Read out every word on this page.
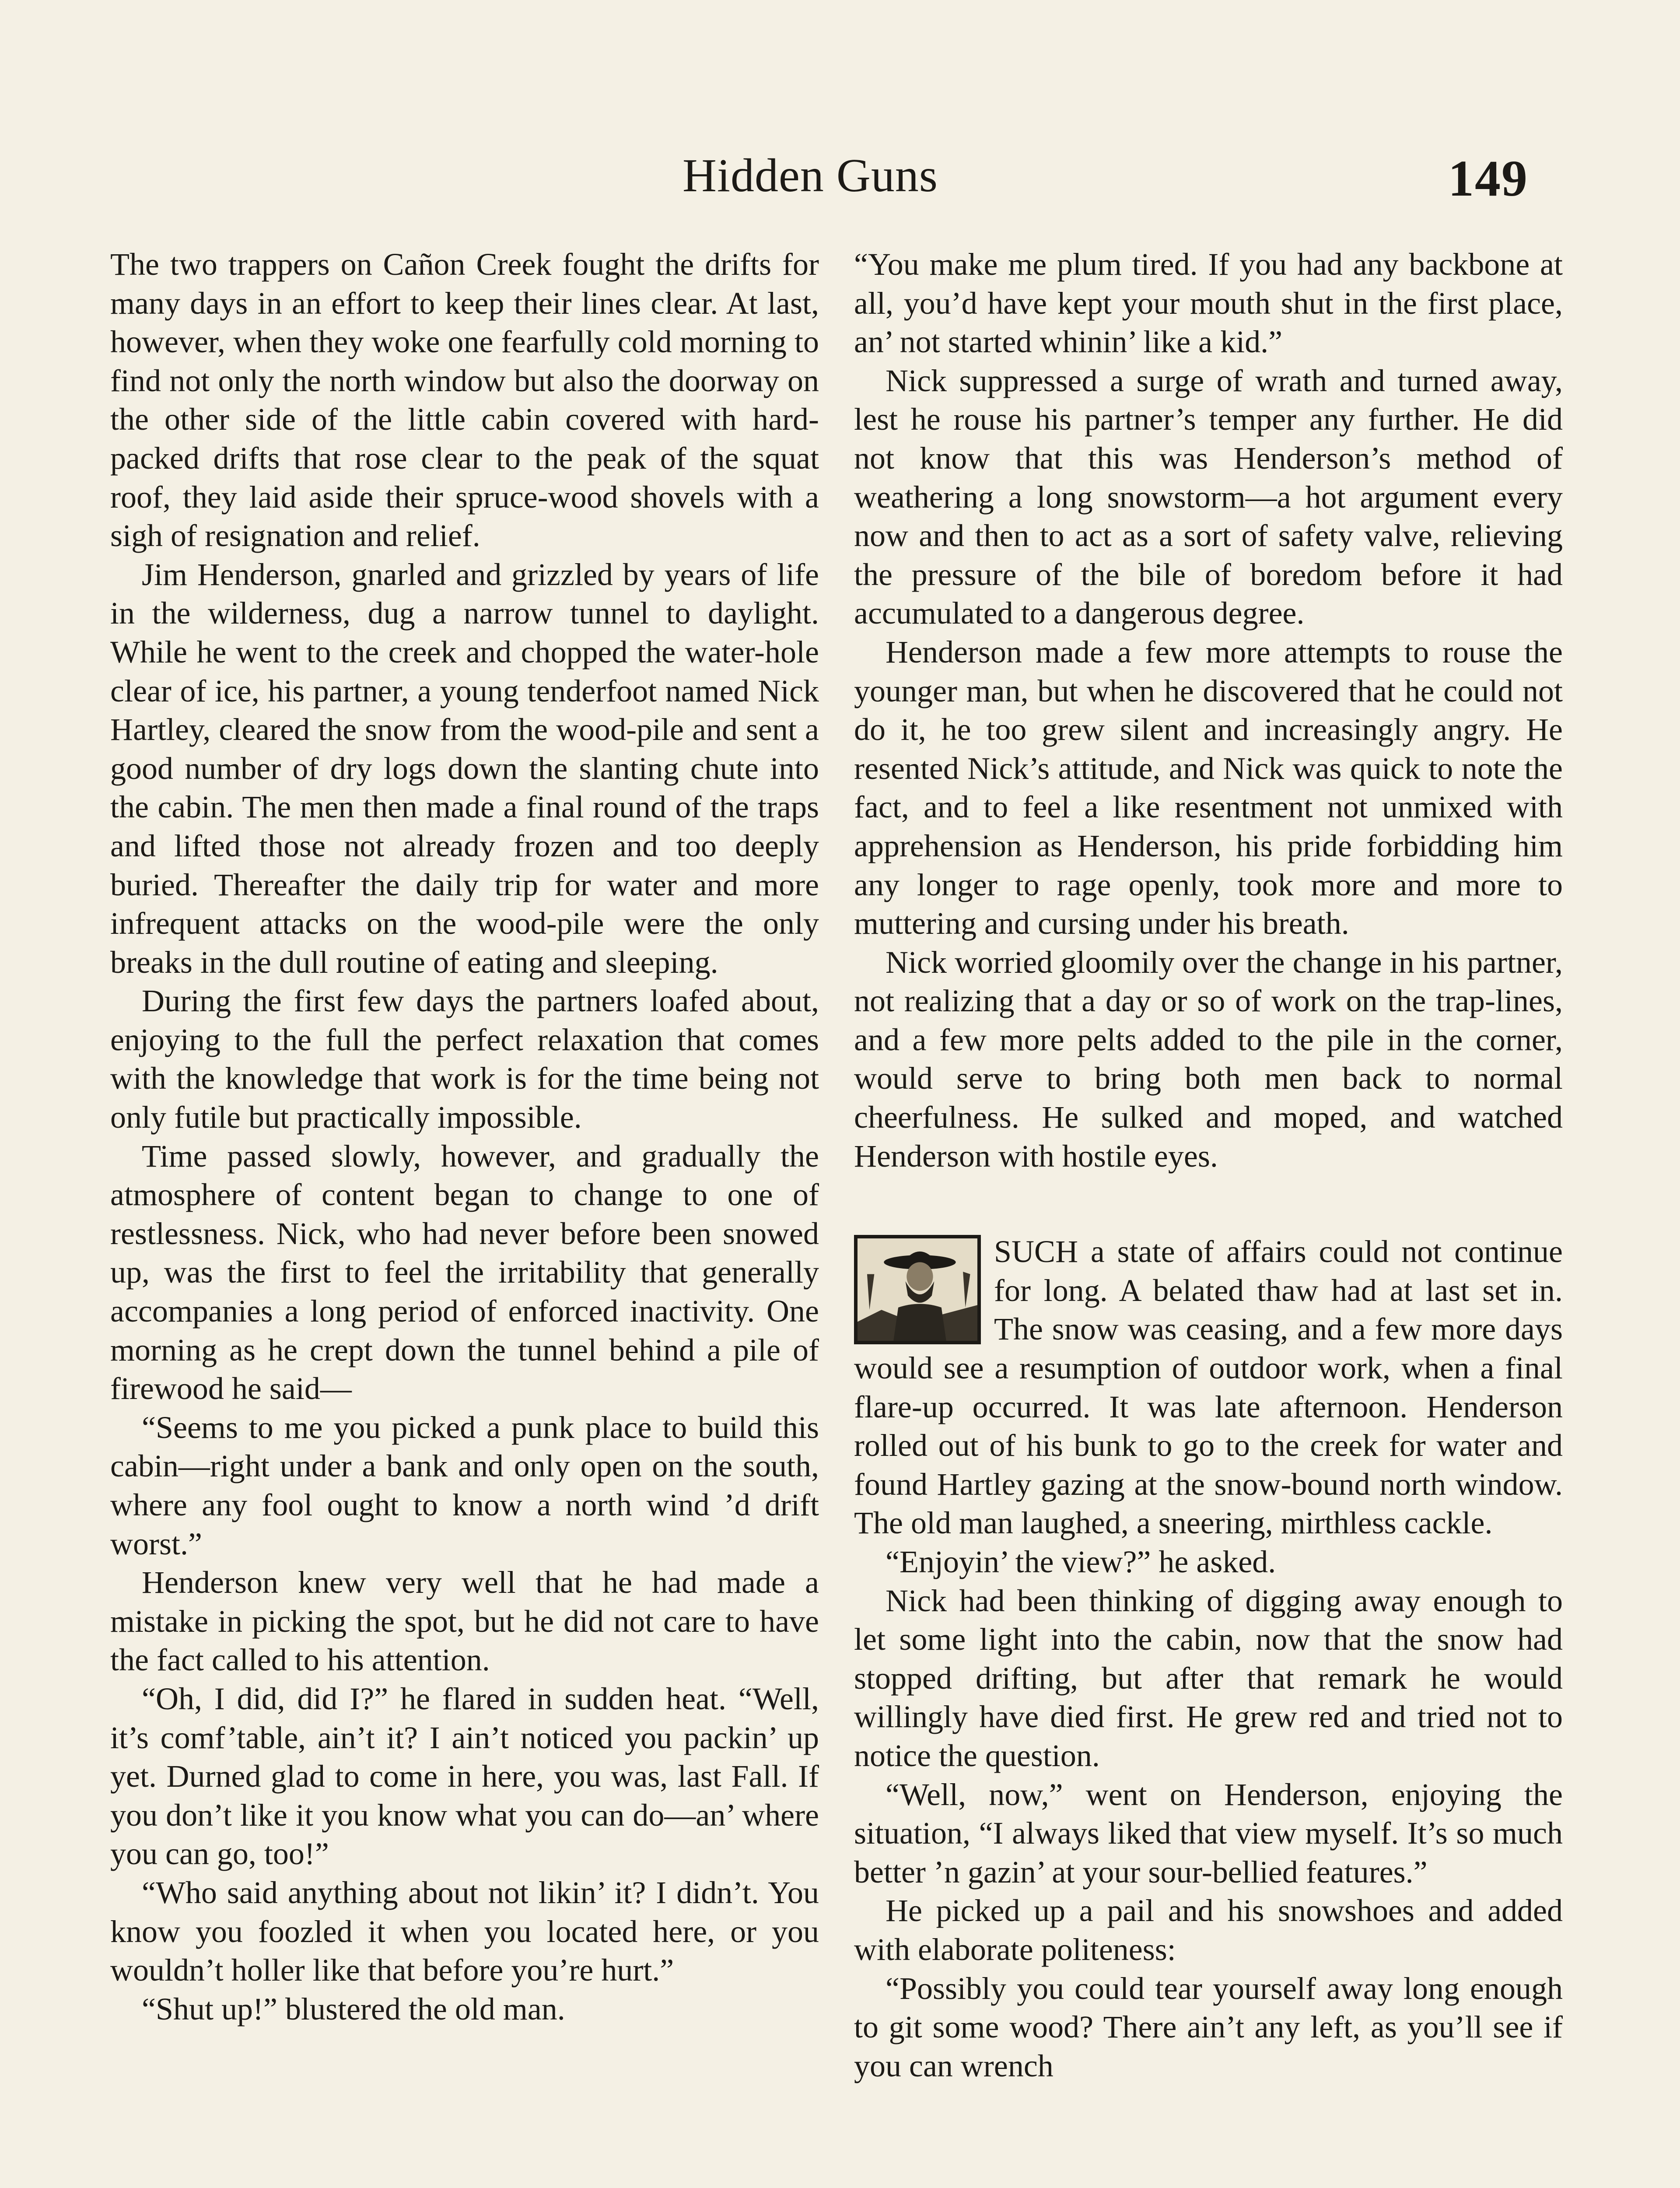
Hidden Guns	149

The two trappers on Cañon Creek fought the drifts for many days in an effort to keep their lines clear. At last, however, when they woke one fearfully cold morning to find not only the north window but also the doorway on the other side of the little cabin covered with hard-packed drifts that rose clear to the peak of the squat roof, they laid aside their spruce-wood shovels with a sigh of resignation and relief.

Jim Henderson, gnarled and grizzled by years of life in the wilderness, dug a narrow tunnel to daylight. While he went to the creek and chopped the water-hole clear of ice, his partner, a young tenderfoot named Nick Hartley, cleared the snow from the wood-pile and sent a good number of dry logs down the slanting chute into the cabin. The men then made a final round of the traps and lifted those not already frozen and too deeply buried. Thereafter the daily trip for water and more infrequent attacks on the wood-pile were the only breaks in the dull routine of eating and sleeping.

During the first few days the partners loafed about, enjoying to the full the perfect relaxation that comes with the knowledge that work is for the time being not only futile but practically impossible.

Time passed slowly, however, and gradually the atmosphere of content began to change to one of restlessness. Nick, who had never before been snowed up, was the first to feel the irritability that generally accompanies a long period of enforced inactivity. One morning as he crept down the tunnel behind a pile of firewood he said—

“Seems to me you picked a punk place to build this cabin—right under a bank and only open on the south, where any fool ought to know a north wind ’d drift worst.”

Henderson knew very well that he had made a mistake in picking the spot, but he did not care to have the fact called to his attention.

“Oh, I did, did I?” he flared in sudden heat. “Well, it’s comf’table, ain’t it? I ain’t noticed you packin’ up yet. Durned glad to come in here, you was, last Fall. If you don’t like it you know what you can do—an’ where you can go, too!”

“Who said anything about not likin’ it? I didn’t. You know you foozled it when you located here, or you wouldn’t holler like that before you’re hurt.”

“Shut up!” blustered the old man.

“You make me plum tired. If you had any backbone at all, you’d have kept your mouth shut in the first place, an’ not started whinin’ like a kid.”

Nick suppressed a surge of wrath and turned away, lest he rouse his partner’s temper any further. He did not know that this was Henderson’s method of weathering a long snowstorm—a hot argument every now and then to act as a sort of safety valve, relieving the pressure of the bile of boredom before it had accumulated to a dangerous degree.

Henderson made a few more attempts to rouse the younger man, but when he discovered that he could not do it, he too grew silent and increasingly angry. He resented Nick’s attitude, and Nick was quick to note the fact, and to feel a like resentment not unmixed with apprehension as Henderson, his pride forbidding him any longer to rage openly, took more and more to muttering and cursing under his breath.

Nick worried gloomily over the change in his partner, not realizing that a day or so of work on the trap-lines, and a few more pelts added to the pile in the corner, would serve to bring both men back to normal cheerfulness. He sulked and moped, and watched Henderson with hostile eyes.

SUCH a state of affairs could not continue for long. A belated thaw had at last set in. The snow was ceasing, and a few more days would see a resumption of outdoor work, when a final flare-up occurred. It was late afternoon. Henderson rolled out of his bunk to go to the creek for water and found Hartley gazing at the snow-bound north window. The old man laughed, a sneering, mirthless cackle.

“Enjoyin’ the view?” he asked.

Nick had been thinking of digging away enough to let some light into the cabin, now that the snow had stopped drifting, but after that remark he would willingly have died first. He grew red and tried not to notice the question.

“Well, now,” went on Henderson, enjoying the situation, “I always liked that view myself. It’s so much better ’n gazin’ at your sour-bellied features.”

He picked up a pail and his snowshoes and added with elaborate politeness:

“Possibly you could tear yourself away long enough to git some wood? There ain’t any left, as you’ll see if you can wrench
